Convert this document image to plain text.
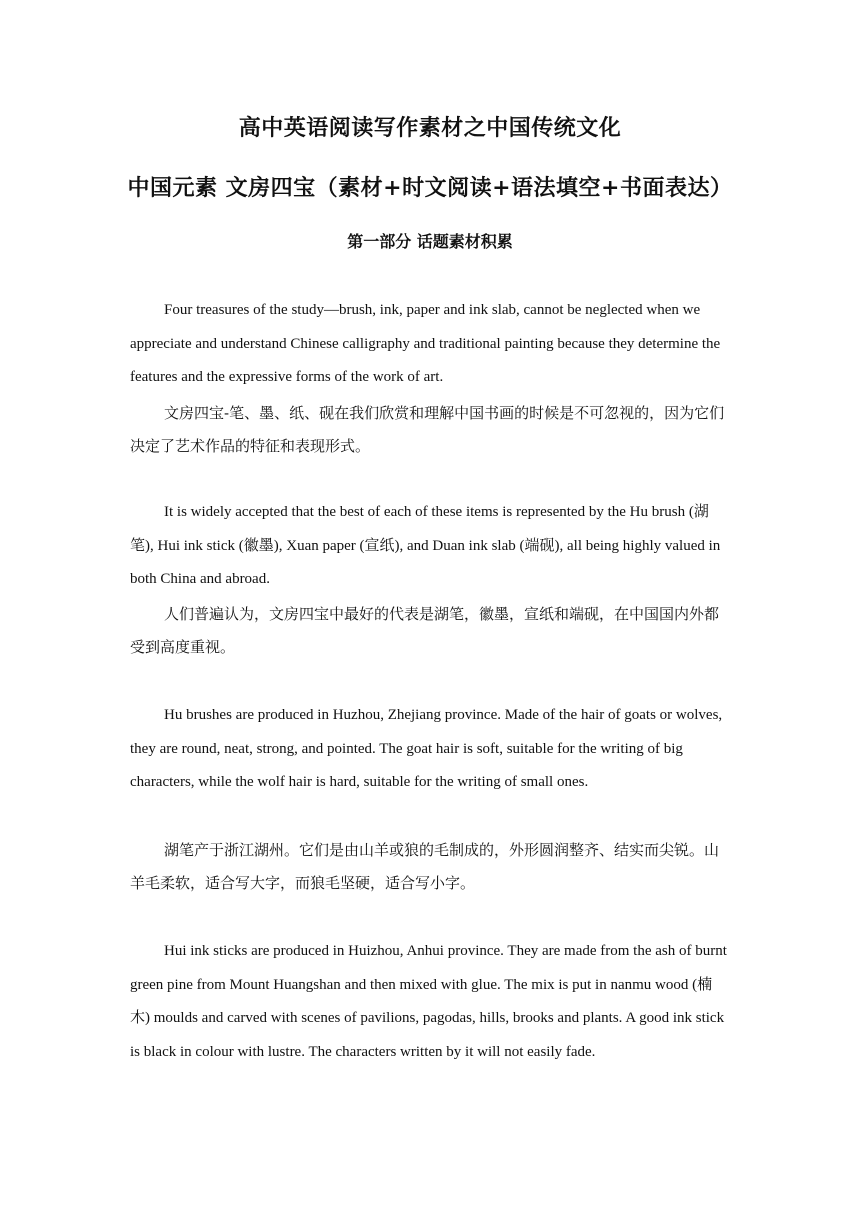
高中英语阅读写作素材之中国传统文化
中国元素 文房四宝（素材+时文阅读+语法填空+书面表达）
第一部分 话题素材积累

Four treasures of the study—brush, ink, paper and ink slab, cannot be neglected when we appreciate and understand Chinese calligraphy and traditional painting because they determine the features and the expressive forms of the work of art.

文房四宝-笔、墨、纸、砚在我们欣赏和理解中国书画的时候是不可忽视的，因为它们决定了艺术作品的特征和表现形式。

It is widely accepted that the best of each of these items is represented by the Hu brush (湖笔), Hui ink stick (徽墨), Xuan paper (宣纸), and Duan ink slab (端砚), all being highly valued in both China and abroad.

人们普遍认为，文房四宝中最好的代表是湖笔，徽墨，宣纸和端砚，在中国国内外都受到高度重视。

Hu brushes are produced in Huzhou, Zhejiang province. Made of the hair of goats or wolves, they are round, neat, strong, and pointed. The goat hair is soft, suitable for the writing of big characters, while the wolf hair is hard, suitable for the writing of small ones.

湖笔产于浙江湖州。它们是由山羊或狼的毛制成的，外形圆润整齐、结实而尖锐。山羊毛柔软，适合写大字，而狼毛坚硬，适合写小字。

Hui ink sticks are produced in Huizhou, Anhui province. They are made from the ash of burnt green pine from Mount Huangshan and then mixed with glue. The mix is put in nanmu wood (楠木) moulds and carved with scenes of pavilions, pagodas, hills, brooks and plants. A good ink stick is black in colour with lustre. The characters written by it will not easily fade.
